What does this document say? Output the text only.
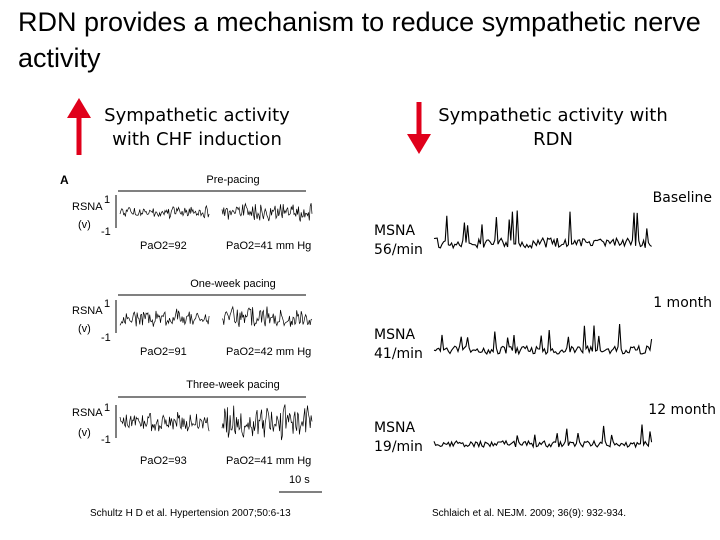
RDN provides a mechanism to reduce sympathetic nerve activity
Sympathetic activity
with CHF induction
Sympathetic activity with
RDN
A	Pre-pacing
One-week pacing
Three-week pacing
RSNA
(v)
1
-1
RSNA
(v)
1
-1
RSNA
(v)
1
-1
PaO2=92	PaO2=41 mm Hg
PaO2=91	PaO2=42 mm Hg
PaO2=93	PaO2=41 mm Hg
10 s
Schultz H D et al. Hypertension 2007;50:6-13
Baseline
MSNA
56/min
1 month
MSNA
41/min
12 month
MSNA
19/min
Schlaich et al. NEJM. 2009; 36(9): 932-934.
